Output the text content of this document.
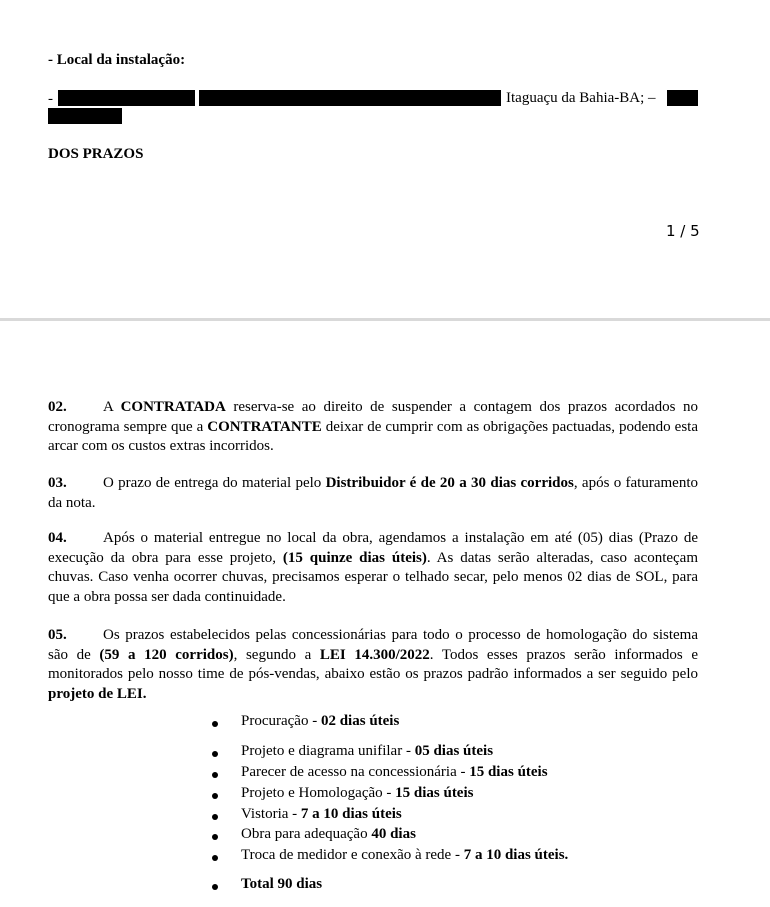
- Local da instalação:
-	Itaguaçu da Bahia-BA; –
DOS PRAZOS
1 / 5
02. A CONTRATADA reserva-se ao direito de suspender a contagem dos prazos acordados no cronograma sempre que a CONTRATANTE deixar de cumprir com as obrigações pactuadas, podendo esta arcar com os custos extras incorridos.
03. O prazo de entrega do material pelo Distribuidor é de 20 a 30 dias corridos, após o faturamento da nota.
04. Após o material entregue no local da obra, agendamos a instalação em até (05) dias (Prazo de execução da obra para esse projeto, (15 quinze dias úteis). As datas serão alteradas, caso aconteçam chuvas. Caso venha ocorrer chuvas, precisamos esperar o telhado secar, pelo menos 02 dias de SOL, para que a obra possa ser dada continuidade.
05. Os prazos estabelecidos pelas concessionárias para todo o processo de homologação do sistema são de (59 a 120 corridos), segundo a LEI 14.300/2022. Todos esses prazos serão informados e monitorados pelo nosso time de pós-vendas, abaixo estão os prazos padrão informados a ser seguido pelo projeto de LEI.
Procuração - 02 dias úteis
Projeto e diagrama unifilar - 05 dias úteis
Parecer de acesso na concessionária - 15 dias úteis
Projeto e Homologação - 15 dias úteis
Vistoria - 7 a 10 dias úteis
Obra para adequação 40 dias
Troca de medidor e conexão à rede - 7 a 10 dias úteis.
Total 90 dias
